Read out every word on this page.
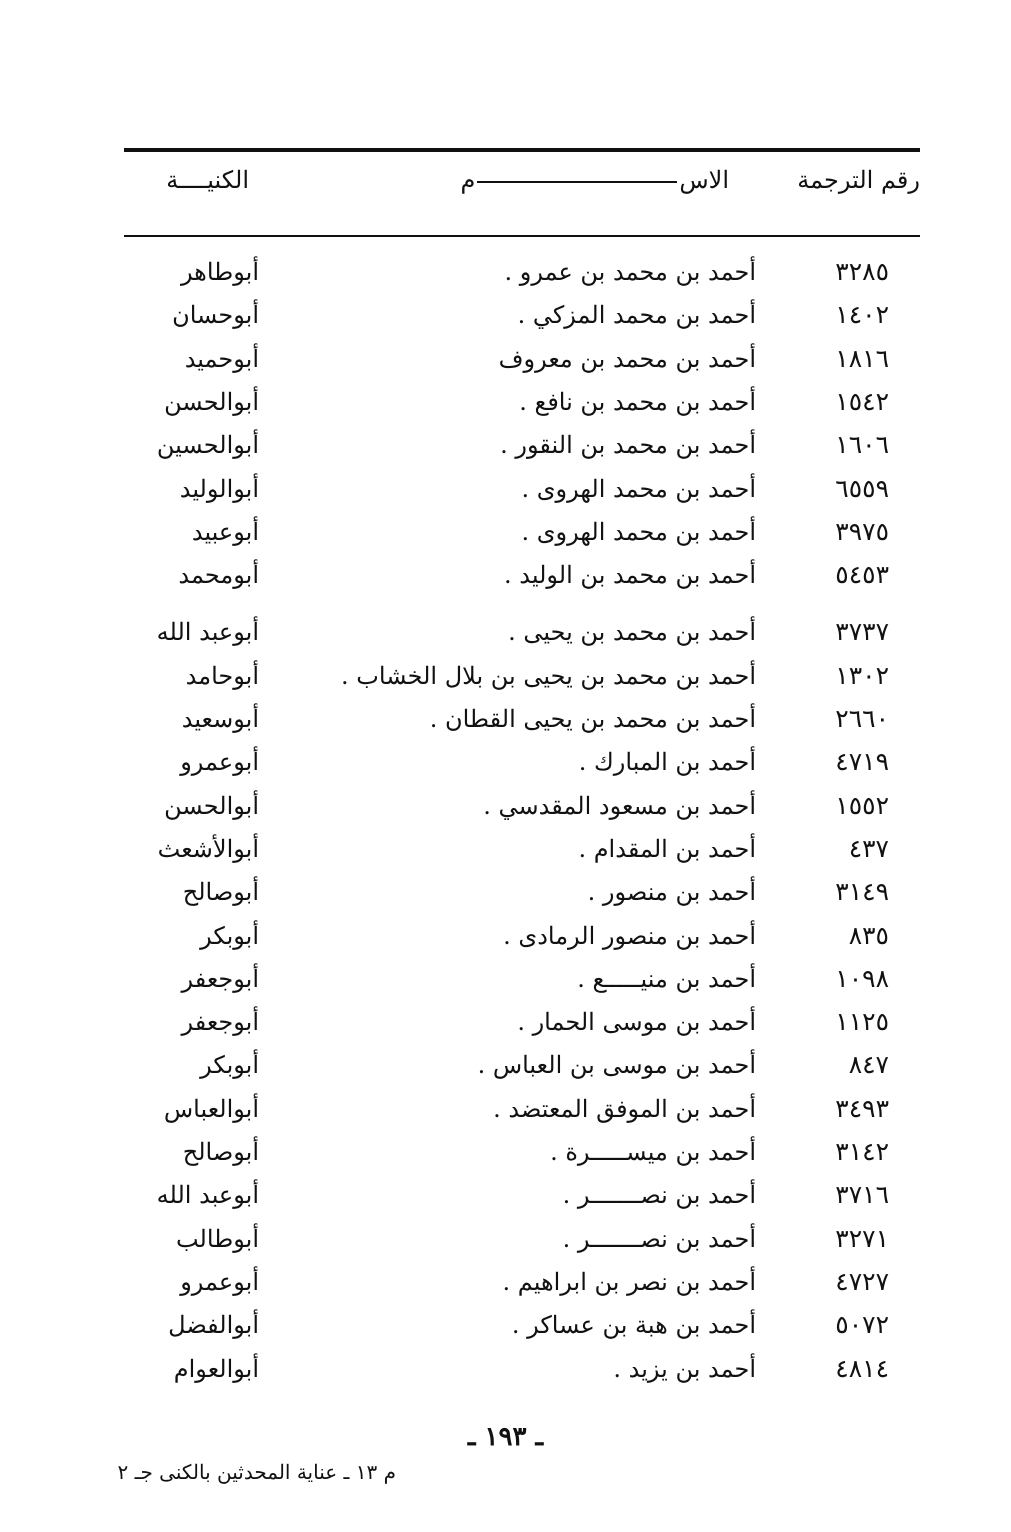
رقم الترجمة
الاسم
الكنيــــة
٣٢٨٥
أحمد بن محمد بن عمرو .
أبوطاهر
١٤٠٢
أحمد بن محمد المزكي .
أبوحسان
١٨١٦
أحمد بن محمد بن معروف
أبوحميد
١٥٤٢
أحمد بن محمد بن نافع .
أبوالحسن
١٦٠٦
أحمد بن محمد بن النقور .
أبوالحسين
٦٥٥٩
أحمد بن محمد الهروى .
أبوالوليد
٣٩٧٥
أحمد بن محمد الهروى .
أبوعبيد
٥٤٥٣
أحمد بن محمد بن الوليد .
أبومحمد
٣٧٣٧
أحمد بن محمد بن يحيى .
أبوعبد الله
١٣٠٢
أحمد بن محمد بن يحيى بن بلال الخشاب .
أبوحامد
٢٦٦٠
أحمد بن محمد بن يحيى القطان .
أبوسعيد
٤٧١٩
أحمد بن المبارك .
أبوعمرو
١٥٥٢
أحمد بن مسعود المقدسي .
أبوالحسن
٤٣٧
أحمد بن المقدام .
أبوالأشعث
٣١٤٩
أحمد بن منصور .
أبوصالح
٨٣٥
أحمد بن منصور الرمادى .
أبوبكر
١٠٩٨
أحمد بن منيـــــع .
أبوجعفر
١١٢٥
أحمد بن موسى الحمار .
أبوجعفر
٨٤٧
أحمد بن موسى بن العباس .
أبوبكر
٣٤٩٣
أحمد بن الموفق المعتضد .
أبوالعباس
٣١٤٢
أحمد بن ميســـــرة .
أبوصالح
٣٧١٦
أحمد بن نصـــــــر .
أبوعبد الله
٣٢٧١
أحمد بن نصـــــــر .
أبوطالب
٤٧٢٧
أحمد بن نصر بن ابراهيم .
أبوعمرو
٥٠٧٢
أحمد بن هبة بن عساكر .
أبوالفضل
٤٨١٤
أحمد بن يزيد .
أبوالعوام
ـ ١٩٣ ـ
م ١٣ ـ عناية المحدثين بالكنى جـ ٢
